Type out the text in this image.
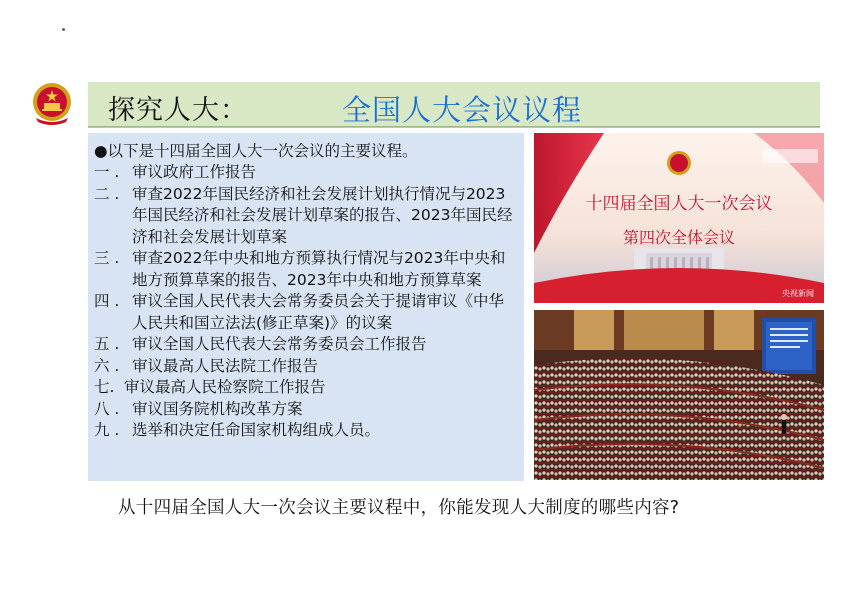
探究人大：	全国人大会议议程
●以下是十四届全国人大一次会议的主要议程。
一 . 审议政府工作报告
二 . 审查2022年国民经济和社会发展计划执行情况与2023年国民经济和社会发展计划草案的报告、2023年国民经济和社会发展计划草案
三 . 审查2022年中央和地方预算执行情况与2023年中央和地方预算草案的报告、2023年中央和地方预算草案
四 . 审议全国人民代表大会常务委员会关于提请审议《中华人民共和国立法法(修正草案)》的议案
五 . 审议全国人民代表大会常务委员会工作报告
六 . 审议最高人民法院工作报告
七. 审议最高人民检察院工作报告
八 . 审议国务院机构改革方案
九 . 选举和决定任命国家机构组成人员。
十四届全国人大一次会议
第四次全体会议
央视新闻
从十四届全国人大一次会议主要议程中，你能发现人大制度的哪些内容?
